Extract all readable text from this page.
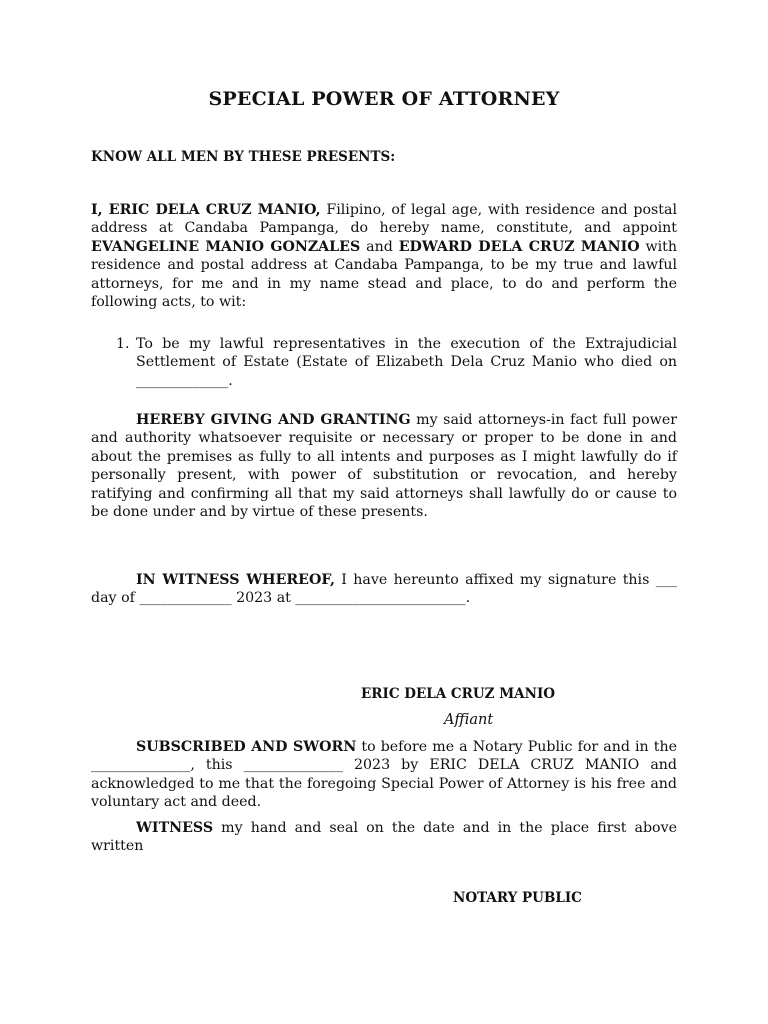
SPECIAL POWER OF ATTORNEY
KNOW ALL MEN BY THESE PRESENTS:
I, ERIC DELA CRUZ MANIO, Filipino, of legal age, with residence and postal address at Candaba Pampanga, do hereby name, constitute, and appoint EVANGELINE MANIO GONZALES and EDWARD DELA CRUZ MANIO with residence and postal address at Candaba Pampanga, to be my true and lawful attorneys, for me and in my name stead and place, to do and perform the following acts, to wit:
1. To be my lawful representatives in the execution of the Extrajudicial Settlement of Estate (Estate of Elizabeth Dela Cruz Manio who died on _____________.
HEREBY GIVING AND GRANTING my said attorneys-in fact full power and authority whatsoever requisite or necessary or proper to be done in and about the premises as fully to all intents and purposes as I might lawfully do if personally present, with power of substitution or revocation, and hereby ratifying and confirming all that my said attorneys shall lawfully do or cause to be done under and by virtue of these presents.
IN WITNESS WHEREOF, I have hereunto affixed my signature this ___ day of _____________ 2023 at ________________________.
ERIC DELA CRUZ MANIO
Affiant
SUBSCRIBED AND SWORN to before me a Notary Public for and in the ______________, this ______________ 2023 by ERIC DELA CRUZ MANIO and acknowledged to me that the foregoing Special Power of Attorney is his free and voluntary act and deed.
WITNESS my hand and seal on the date and in the place first above written
NOTARY PUBLIC
